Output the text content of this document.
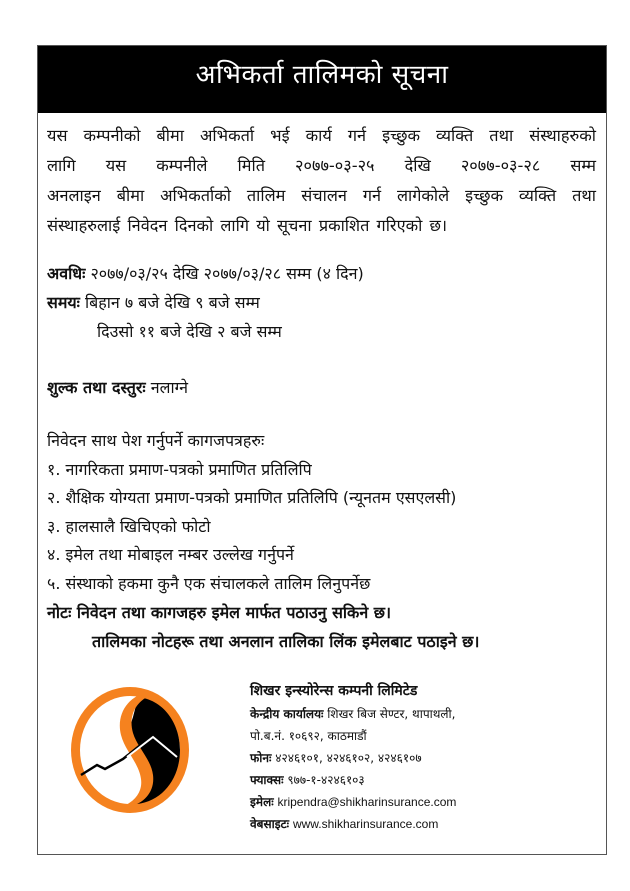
अभिकर्ता तालिमको सूचना
यस कम्पनीको बीमा अभिकर्ता भई कार्य गर्न इच्छुक व्यक्ति तथा संस्थाहरुको
लागि यस कम्पनीले मिति २०७७-०३-२५ देखि २०७७-०३-२८ सम्म
अनलाइन बीमा अभिकर्ताको तालिम संचालन गर्न लागेकोले इच्छुक व्यक्ति तथा
संस्थाहरुलाई निवेदन दिनको लागि यो सूचना प्रकाशित गरिएको छ।
अवधिः २०७७/०३/२५ देखि २०७७/०३/२८ सम्म (४ दिन)
समयः बिहान ७ बजे देखि ९ बजे सम्म
दिउसो ११ बजे देखि २ बजे सम्म
शुल्क तथा दस्तुरः नलाग्ने
निवेदन साथ पेश गर्नुपर्ने कागजपत्रहरुः
१. नागरिकता प्रमाण-पत्रको प्रमाणित प्रतिलिपि
२. शैक्षिक योग्यता प्रमाण-पत्रको प्रमाणित प्रतिलिपि (न्यूनतम एसएलसी)
३. हालसालै खिचिएको फोटो
४. इमेल तथा मोबाइल नम्बर उल्लेख गर्नुपर्ने
५. संस्थाको हकमा कुनै एक संचालकले तालिम लिनुपर्नेछ
नोटः निवेदन तथा कागजहरु इमेल मार्फत पठाउनु सकिने छ।
तालिमका नोटहरू तथा अनलान तालिका लिंक इमेलबाट पठाइने छ।
शिखर इन्स्योरेन्स कम्पनी लिमिटेड
केन्द्रीय कार्यालयः शिखर बिज सेण्टर, थापाथली,
पो.ब.नं. १०६९२, काठमाडौं
फोनः ४२४६१०१, ४२४६१०२, ४२४६१०७
फ्याक्सः ९७७-१-४२४६१०३
इमेलः kripendra@shikharinsurance.com
वेबसाइटः www.shikharinsurance.com
